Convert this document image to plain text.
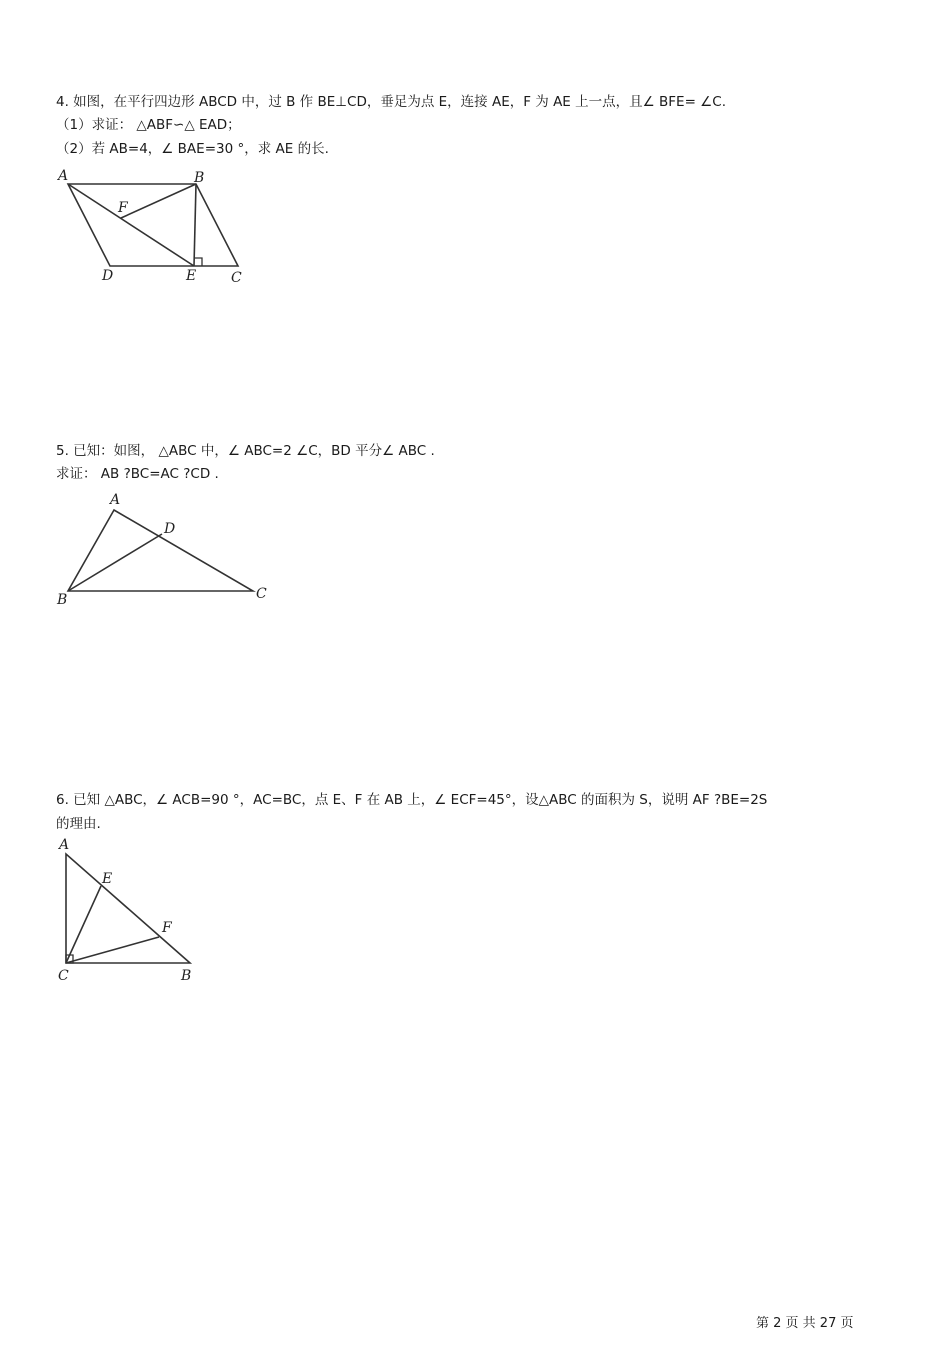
4. 如图，在平行四边形 ABCD 中，过 B 作 BE⊥CD，垂足为点 E，连接 AE，F 为 AE 上一点，且∠ BFE= ∠C.
（1）求证： △ABF∽△ EAD；
（2）若 AB=4，∠ BAE=30 °，求 AE 的长.
A	B
F
D	E C
5. 已知：如图， △ABC 中，∠ ABC=2 ∠C，BD 平分∠ ABC .
求证： AB ?BC=AC ?CD .
A
D
B	C
6. 已知 △ABC，∠ ACB=90 °，AC=BC，点 E、F 在 AB 上，∠ ECF=45°，设△ABC 的面积为 S，说明 AF ?BE=2S
的理由.
A
E
F
C	B
第 2 页 共 27 页
